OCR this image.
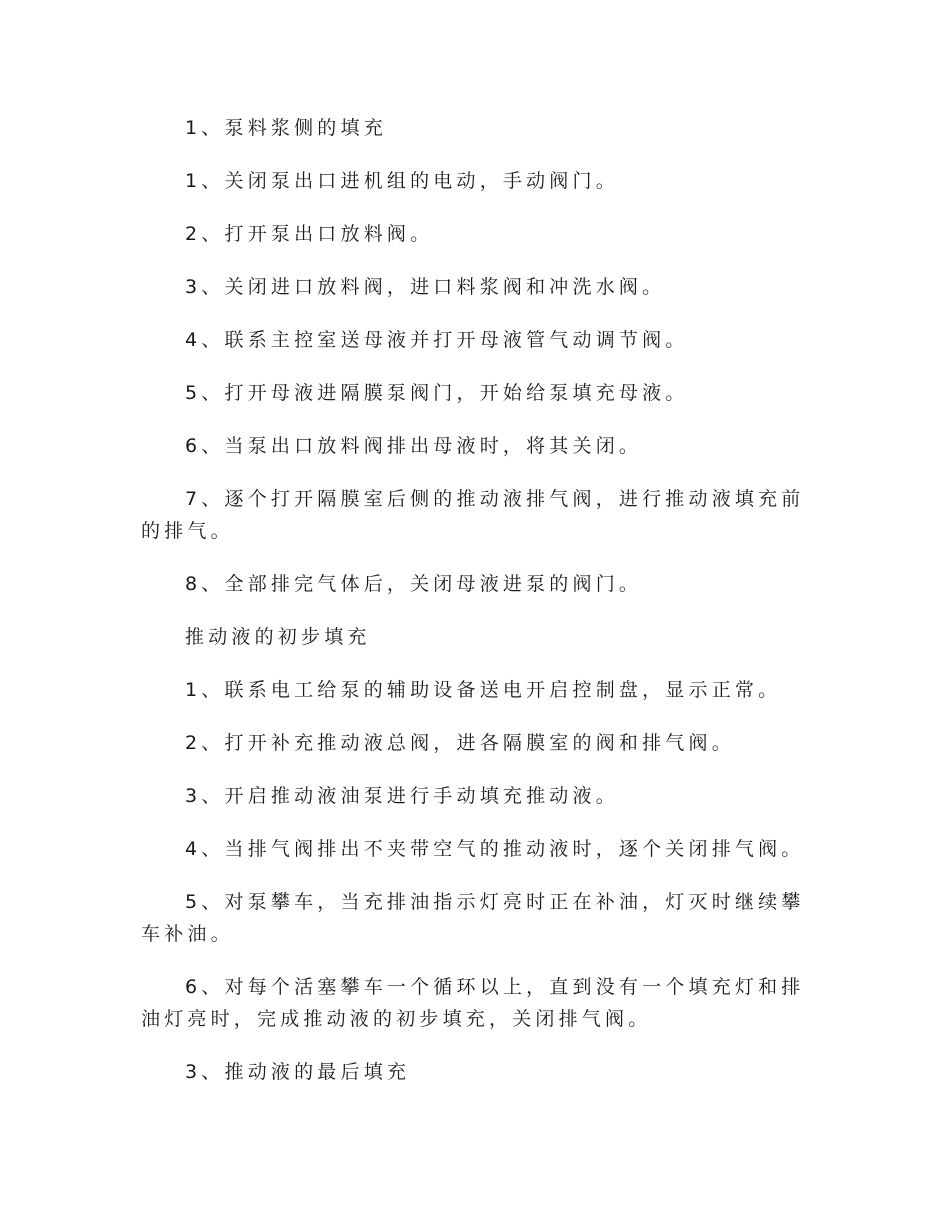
1、泵料浆侧的填充

1、关闭泵出口进机组的电动，手动阀门。

2、打开泵出口放料阀。

3、关闭进口放料阀，进口料浆阀和冲洗水阀。

4、联系主控室送母液并打开母液管气动调节阀。

5、打开母液进隔膜泵阀门，开始给泵填充母液。

6、当泵出口放料阀排出母液时，将其关闭。

7、逐个打开隔膜室后侧的推动液排气阀，进行推动液填充前的排气。

8、全部排完气体后，关闭母液进泵的阀门。

推动液的初步填充

1、联系电工给泵的辅助设备送电开启控制盘，显示正常。

2、打开补充推动液总阀，进各隔膜室的阀和排气阀。

3、开启推动液油泵进行手动填充推动液。

4、当排气阀排出不夹带空气的推动液时，逐个关闭排气阀。

5、对泵攀车，当充排油指示灯亮时正在补油，灯灭时继续攀车补油。

6、对每个活塞攀车一个循环以上，直到没有一个填充灯和排油灯亮时，完成推动液的初步填充，关闭排气阀。

3、推动液的最后填充
